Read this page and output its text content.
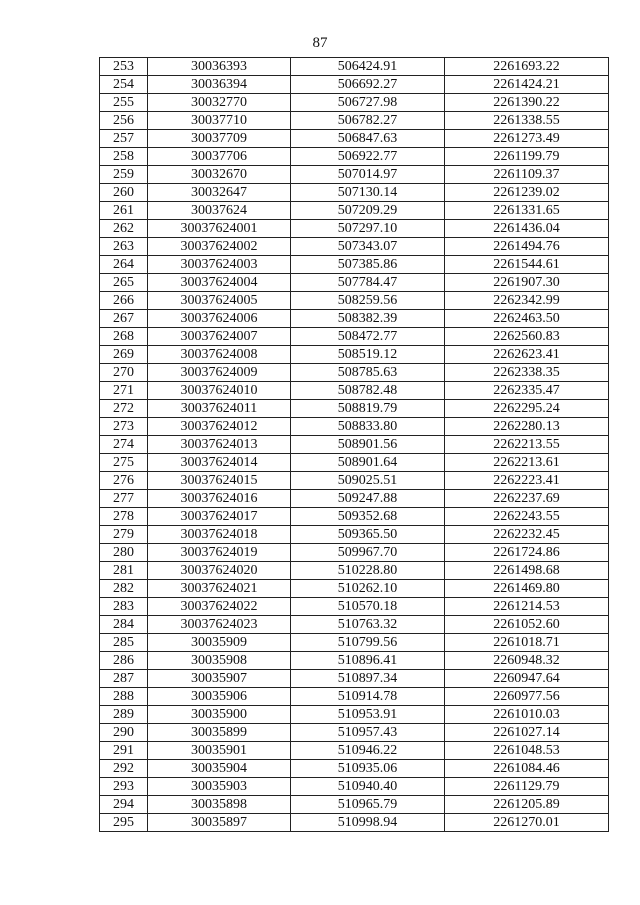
87
253	30036393	506424.91	2261693.22
254	30036394	506692.27	2261424.21
255	30032770	506727.98	2261390.22
256	30037710	506782.27	2261338.55
257	30037709	506847.63	2261273.49
258	30037706	506922.77	2261199.79
259	30032670	507014.97	2261109.37
260	30032647	507130.14	2261239.02
261	30037624	507209.29	2261331.65
262	30037624001	507297.10	2261436.04
263	30037624002	507343.07	2261494.76
264	30037624003	507385.86	2261544.61
265	30037624004	507784.47	2261907.30
266	30037624005	508259.56	2262342.99
267	30037624006	508382.39	2262463.50
268	30037624007	508472.77	2262560.83
269	30037624008	508519.12	2262623.41
270	30037624009	508785.63	2262338.35
271	30037624010	508782.48	2262335.47
272	30037624011	508819.79	2262295.24
273	30037624012	508833.80	2262280.13
274	30037624013	508901.56	2262213.55
275	30037624014	508901.64	2262213.61
276	30037624015	509025.51	2262223.41
277	30037624016	509247.88	2262237.69
278	30037624017	509352.68	2262243.55
279	30037624018	509365.50	2262232.45
280	30037624019	509967.70	2261724.86
281	30037624020	510228.80	2261498.68
282	30037624021	510262.10	2261469.80
283	30037624022	510570.18	2261214.53
284	30037624023	510763.32	2261052.60
285	30035909	510799.56	2261018.71
286	30035908	510896.41	2260948.32
287	30035907	510897.34	2260947.64
288	30035906	510914.78	2260977.56
289	30035900	510953.91	2261010.03
290	30035899	510957.43	2261027.14
291	30035901	510946.22	2261048.53
292	30035904	510935.06	2261084.46
293	30035903	510940.40	2261129.79
294	30035898	510965.79	2261205.89
295	30035897	510998.94	2261270.01
